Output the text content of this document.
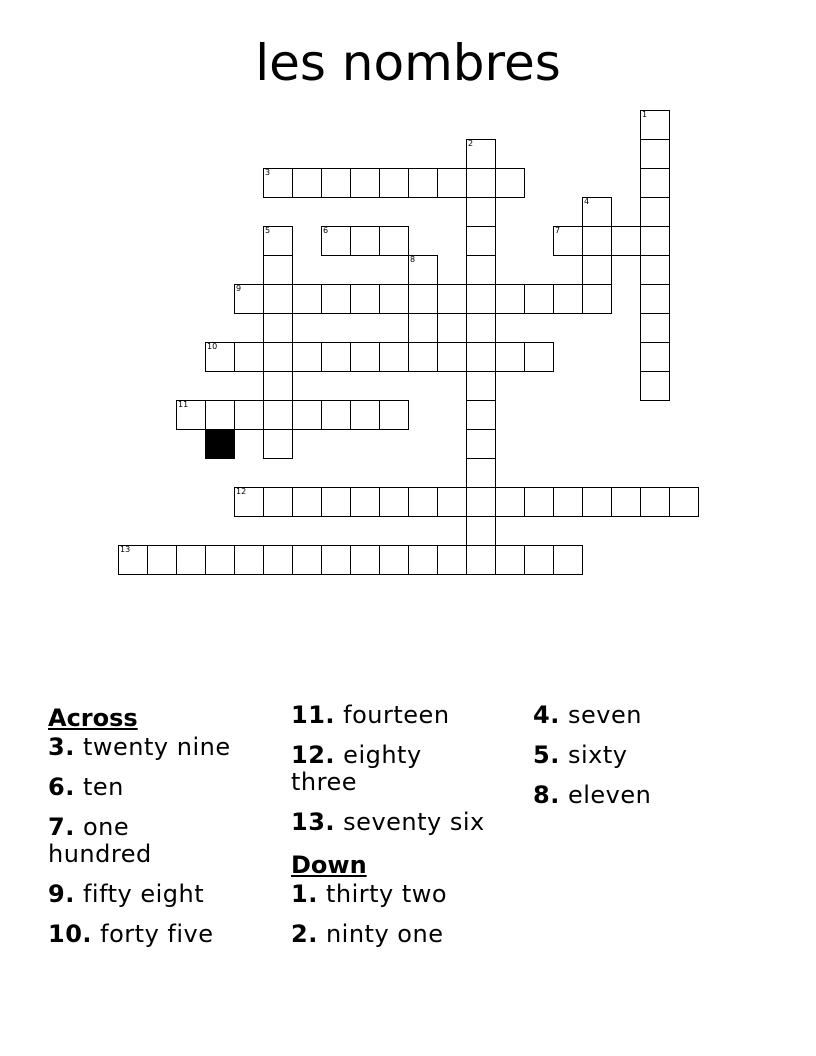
les nombres
3
6	7
9
10
11
12
13
1
2
4
5
8
Across
3. twenty nine
6. ten
7. one hundred
9. fifty eight
10. forty five
11. fourteen
12. eighty three
13. seventy six
Down
1. thirty two
2. ninty one
4. seven
5. sixty
8. eleven
